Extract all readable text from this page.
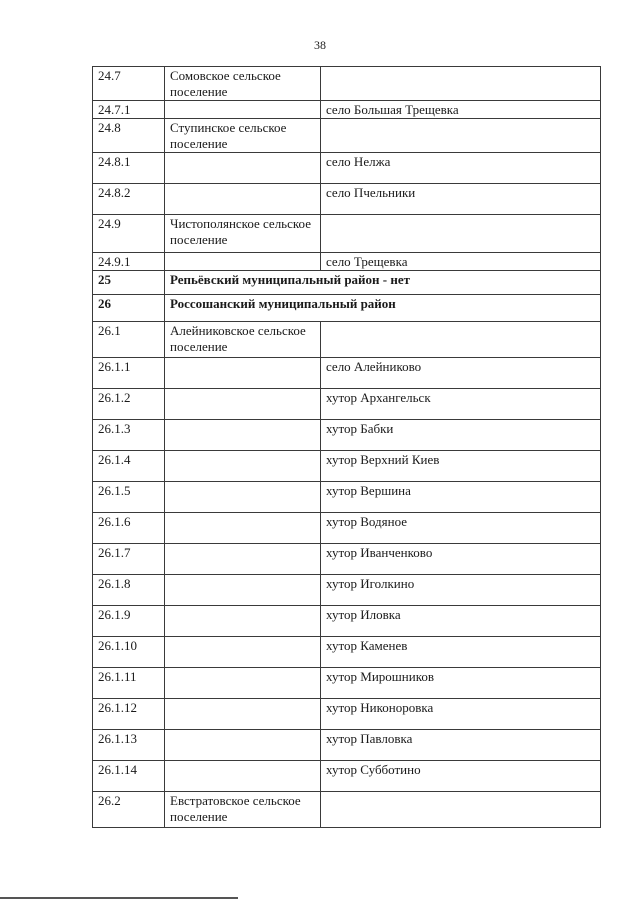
38
24.7	Сомовское сельское поселение	
24.7.1		село Большая Трещевка
24.8	Ступинское сельское поселение	
24.8.1		село Нелжа
24.8.2		село Пчельники
24.9	Чистополянское сельское поселение	
24.9.1		село Трещевка
25	Репьёвский муниципальный район - нет	
26	Россошанский муниципальный район	
26.1	Алейниковское сельское поселение	
26.1.1		село Алейниково
26.1.2		хутор Архангельск
26.1.3		хутор Бабки
26.1.4		хутор Верхний Киев
26.1.5		хутор Вершина
26.1.6		хутор Водяное
26.1.7		хутор Иванченково
26.1.8		хутор Иголкино
26.1.9		хутор Иловка
26.1.10		хутор Каменев
26.1.11		хутор Мирошников
26.1.12		хутор Никоноровка
26.1.13		хутор Павловка
26.1.14		хутор Субботино
26.2	Евстратовское сельское поселение	
